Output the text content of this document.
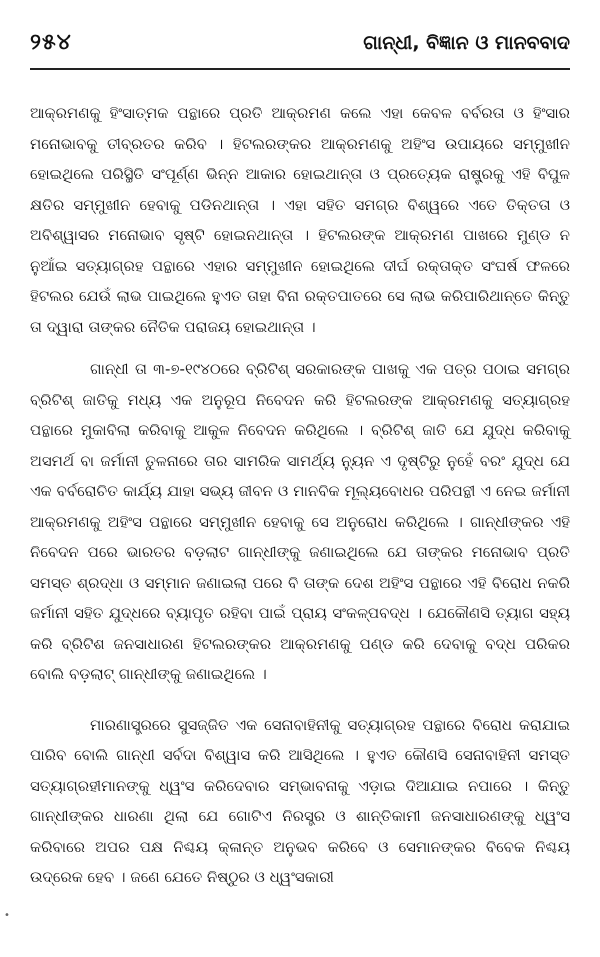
୨୫୪	ଗାନ୍ଧୀ, ବିଜ୍ଞାନ ଓ ମାନବବାଦ

ଆକ୍ରମଣକୁ ହିଂସାତ୍ମକ ପନ୍ଥାରେ ପ୍ରତି ଆକ୍ରମଣ କଲେ ଏହା କେବଳ ବର୍ବରତା ଓ ହିଂସାର ମନୋଭାବକୁ ତୀବ୍ରତର କରିବ । ହିଟଲରଙ୍କର ଆକ୍ରମଣକୁ ଅହିଂସ ଉପାୟରେ ସମ୍ମୁଖୀନ ହୋଇଥିଲେ ପରିସ୍ଥିତି ସଂପୂର୍ଣ୍ଣ ଭିନ୍ନ ଆକାର ହୋଇଥାନ୍ତା ଓ ପ୍ରତ୍ୟେକ ରାଷ୍ଟ୍ରକୁ ଏହି ବିପୁଳ କ୍ଷତିର ସମ୍ମୁଖୀନ ହେବାକୁ ପଡିନଥାନ୍ତା । ଏହା ସହିତ ସମଗ୍ର ବିଶ୍ୱରେ ଏତେ ତିକ୍ତତା ଓ ଅବିଶ୍ୱାସର ମନୋଭାବ ସୃଷ୍ଟି ହୋଇନଥାନ୍ତା । ହିଟଲରଙ୍କ ଆକ୍ରମଣ ପାଖରେ ମୁଣ୍ଡ ନ ନୁଆଁଇ ସତ୍ୟାଗ୍ରହ ପନ୍ଥାରେ ଏହାର ସମ୍ମୁଖୀନ ହୋଇଥିଲେ ଦୀର୍ଘ ରକ୍ତାକ୍ତ ସଂଘର୍ଷ ଫଳରେ ହିଟଲର ଯେଉଁ ଲାଭ ପାଇଥିଲେ ହୁଏତ ତାହା ବିନା ରକ୍ତପାତରେ ସେ ଲାଭ କରିପାରିଥାନ୍ତେ କିନ୍ତୁ ତା ଦ୍ୱାରା ତାଙ୍କର ନୈତିକ ପରାଜୟ ହୋଇଥାନ୍ତା ।

ଗାନ୍ଧୀ ତା ୩-୭-୧୯୪୦ରେ ବ୍ରିଟିଶ୍ ସରକାରଙ୍କ ପାଖକୁ ଏକ ପତ୍ର ପଠାଇ ସମଗ୍ର ବ୍ରିଟିଶ୍ ଜାତିକୁ ମଧ୍ୟ ଏକ ଅନୁରୂପ ନିବେଦନ କରି ହିଟଲରଙ୍କ ଆକ୍ରମଣକୁ ସତ୍ୟାଗ୍ରହ ପନ୍ଥାରେ ମୁକାବିଲା କରିବାକୁ ଆକୁଳ ନିବେଦନ କରିଥିଲେ । ବ୍ରିଟିଶ୍ ଜାତି ଯେ ଯୁଦ୍ଧ କରିବାକୁ ଅସମର୍ଥ ବା ଜର୍ମାନୀ ତୁଳନାରେ ତାର ସାମରିକ ସାମର୍ଥ୍ୟ ନ୍ୟୁନ ଏ ଦୃଷ୍ଟିରୁ ନୁହେଁ ବରଂ ଯୁଦ୍ଧ ଯେ ଏକ ବର୍ବରୋଚିତ କାର୍ଯ୍ୟ ଯାହା ସଭ୍ୟ ଜୀବନ ଓ ମାନବିକ ମୂଲ୍ୟବୋଧର ପରିପନ୍ଥୀ ଏ ନେଇ ଜର୍ମାନୀ ଆକ୍ରମଣକୁ ଅହିଂସ ପନ୍ଥାରେ ସମ୍ମୁଖୀନ ହେବାକୁ ସେ ଅନୁରୋଧ କରିଥିଲେ । ଗାନ୍ଧୀଙ୍କର ଏହି ନିବେଦନ ପରେ ଭାରତର ବଡ଼ଲାଟ ଗାନ୍ଧୀଙ୍କୁ ଜଣାଇଥିଲେ ଯେ ତାଙ୍କର ମନୋଭାବ ପ୍ରତି ସମସ୍ତ ଶ୍ରଦ୍ଧା ଓ ସମ୍ମାନ ଜଣାଇଲା ପରେ ବି ତାଙ୍କ ଦେଶ ଅହିଂସ ପନ୍ଥାରେ ଏହି ବିରୋଧ ନକରି ଜର୍ମାନୀ ସହିତ ଯୁଦ୍ଧରେ ବ୍ୟାପୃତ ରହିବା ପାଇଁ ପ୍ରାୟ ସଂକଳ୍ପବଦ୍ଧ । ଯେକୌଣସି ତ୍ୟାଗ ସହ୍ୟ କରି ବ୍ରିଟିଶ ଜନସାଧାରଣ ହିଟଲରଙ୍କର ଆକ୍ରମଣକୁ ପଣ୍ଡ କରି ଦେବାକୁ ବଦ୍ଧ ପରିକର ବୋଲି ବଡ଼ଲାଟ୍ ଗାନ୍ଧୀଙ୍କୁ ଜଣାଇଥିଲେ ।

ମାରଣାସ୍ତ୍ରରେ ସୁସଜ୍ଜିତ ଏକ ସେନାବାହିନୀକୁ ସତ୍ୟାଗ୍ରହ ପନ୍ଥାରେ ବିରୋଧ କରାଯାଇ ପାରିବ ବୋଲି ଗାନ୍ଧୀ ସର୍ବଦା ବିଶ୍ୱାସ କରି ଆସିଥିଲେ । ହୁଏତ କୌଣସି ସେନାବାହିନୀ ସମସ୍ତ ସତ୍ୟାଗ୍ରହୀମାନଙ୍କୁ ଧ୍ୱଂସ କରିଦେବାର ସମ୍ଭାବନାକୁ ଏଡ଼ାଇ ଦିଆଯାଇ ନପାରେ । କିନ୍ତୁ ଗାନ୍ଧୀଙ୍କର ଧାରଣା ଥିଲା ଯେ ଗୋଟିଏ ନିରସ୍ତ୍ର ଓ ଶାନ୍ତିକାମୀ ଜନସାଧାରଣଙ୍କୁ ଧ୍ୱଂସ କରିବାରେ ଅପର ପକ୍ଷ ନିଶ୍ଚୟ କ୍ଳାନ୍ତ ଅନୁଭବ କରିବେ ଓ ସେମାନଙ୍କର ବିବେକ ନିଶ୍ଚୟ ଉଦ୍ରେକ ହେବ । ଜଣେ ଯେତେ ନିଷ୍ଠୁର ଓ ଧ୍ୱଂସକାରୀ

•
